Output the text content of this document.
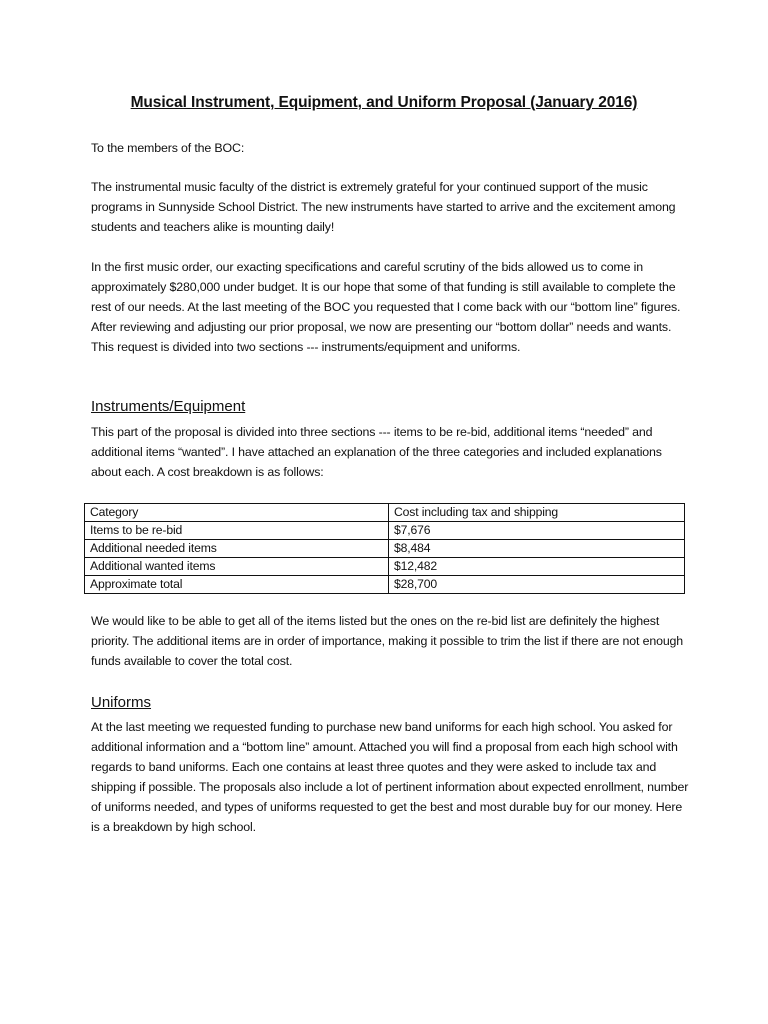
Musical Instrument, Equipment, and Uniform Proposal (January 2016)

To the members of the BOC:

The instrumental music faculty of the district is extremely grateful for your continued support of the music programs in Sunnyside School District. The new instruments have started to arrive and the excitement among students and teachers alike is mounting daily!

In the first music order, our exacting specifications and careful scrutiny of the bids allowed us to come in approximately $280,000 under budget. It is our hope that some of that funding is still available to complete the rest of our needs. At the last meeting of the BOC you requested that I come back with our “bottom line” figures. After reviewing and adjusting our prior proposal, we now are presenting our “bottom dollar” needs and wants. This request is divided into two sections --- instruments/equipment and uniforms.

Instruments/Equipment

This part of the proposal is divided into three sections --- items to be re-bid, additional items “needed” and additional items “wanted”. I have attached an explanation of the three categories and included explanations about each. A cost breakdown is as follows:

Category	Cost including tax and shipping
Items to be re-bid	$7,676
Additional needed items	$8,484
Additional wanted items	$12,482
Approximate total	$28,700

We would like to be able to get all of the items listed but the ones on the re-bid list are definitely the highest priority. The additional items are in order of importance, making it possible to trim the list if there are not enough funds available to cover the total cost.

Uniforms

At the last meeting we requested funding to purchase new band uniforms for each high school. You asked for additional information and a “bottom line” amount. Attached you will find a proposal from each high school with regards to band uniforms. Each one contains at least three quotes and they were asked to include tax and shipping if possible. The proposals also include a lot of pertinent information about expected enrollment, number of uniforms needed, and types of uniforms requested to get the best and most durable buy for our money. Here is a breakdown by high school.
